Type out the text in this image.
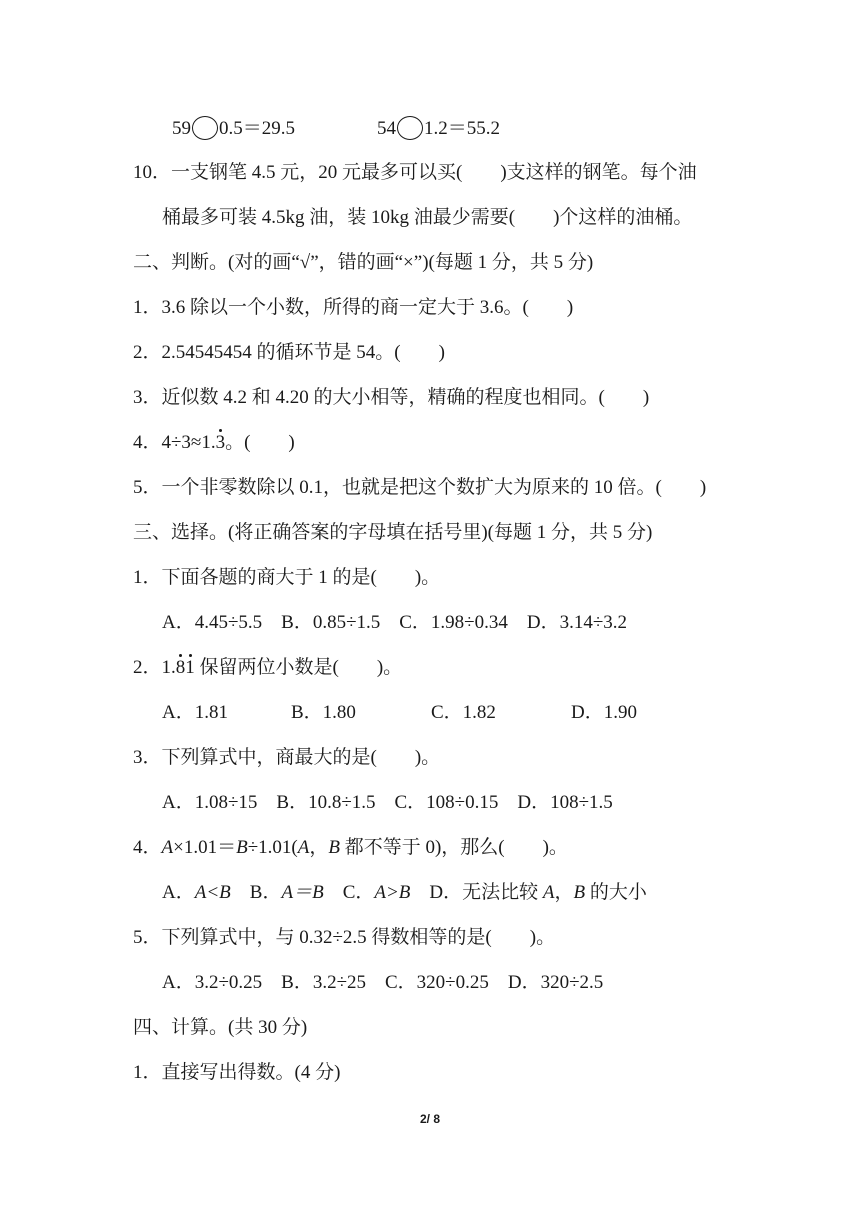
59 0.5＝29.5	54 1.2＝55.2
10．一支钢笔 4.5 元，20 元最多可以买(　　)支这样的钢笔。每个油
桶最多可装 4.5kg 油，装 10kg 油最少需要(　　)个这样的油桶。
二、判断。(对的画“√”，错的画“×”)(每题 1 分，共 5 分)
1．3.6 除以一个小数，所得的商一定大于 3.6。(　　)
2．2.54545454 的循环节是 54。(　　)
3．近似数 4.2 和 4.20 的大小相等，精确的程度也相同。(　　)
4．4÷3≈1.3。(　　)
5．一个非零数除以 0.1，也就是把这个数扩大为原来的 10 倍。(　　)
三、选择。(将正确答案的字母填在括号里)(每题 1 分，共 5 分)
1．下面各题的商大于 1 的是(　　)。
A．4.45÷5.5　B．0.85÷1.5　C．1.98÷0.34　D．3.14÷3.2
2．1.81 保留两位小数是(　　)。
A．1.81	B．1.80	C．1.82	D．1.90
3．下列算式中，商最大的是(　　)。
A．1.08÷15　B．10.8÷1.5　C．108÷0.15　D．108÷1.5
4．A×1.01＝B÷1.01(A，B 都不等于 0)，那么(　　)。
A．A<B　B．A＝B　C．A>B　D．无法比较 A，B 的大小
5．下列算式中，与 0.32÷2.5 得数相等的是(　　)。
A．3.2÷0.25　B．3.2÷25　C．320÷0.25　D．320÷2.5
四、计算。(共 30 分)
1．直接写出得数。(4 分)
2/ 8
